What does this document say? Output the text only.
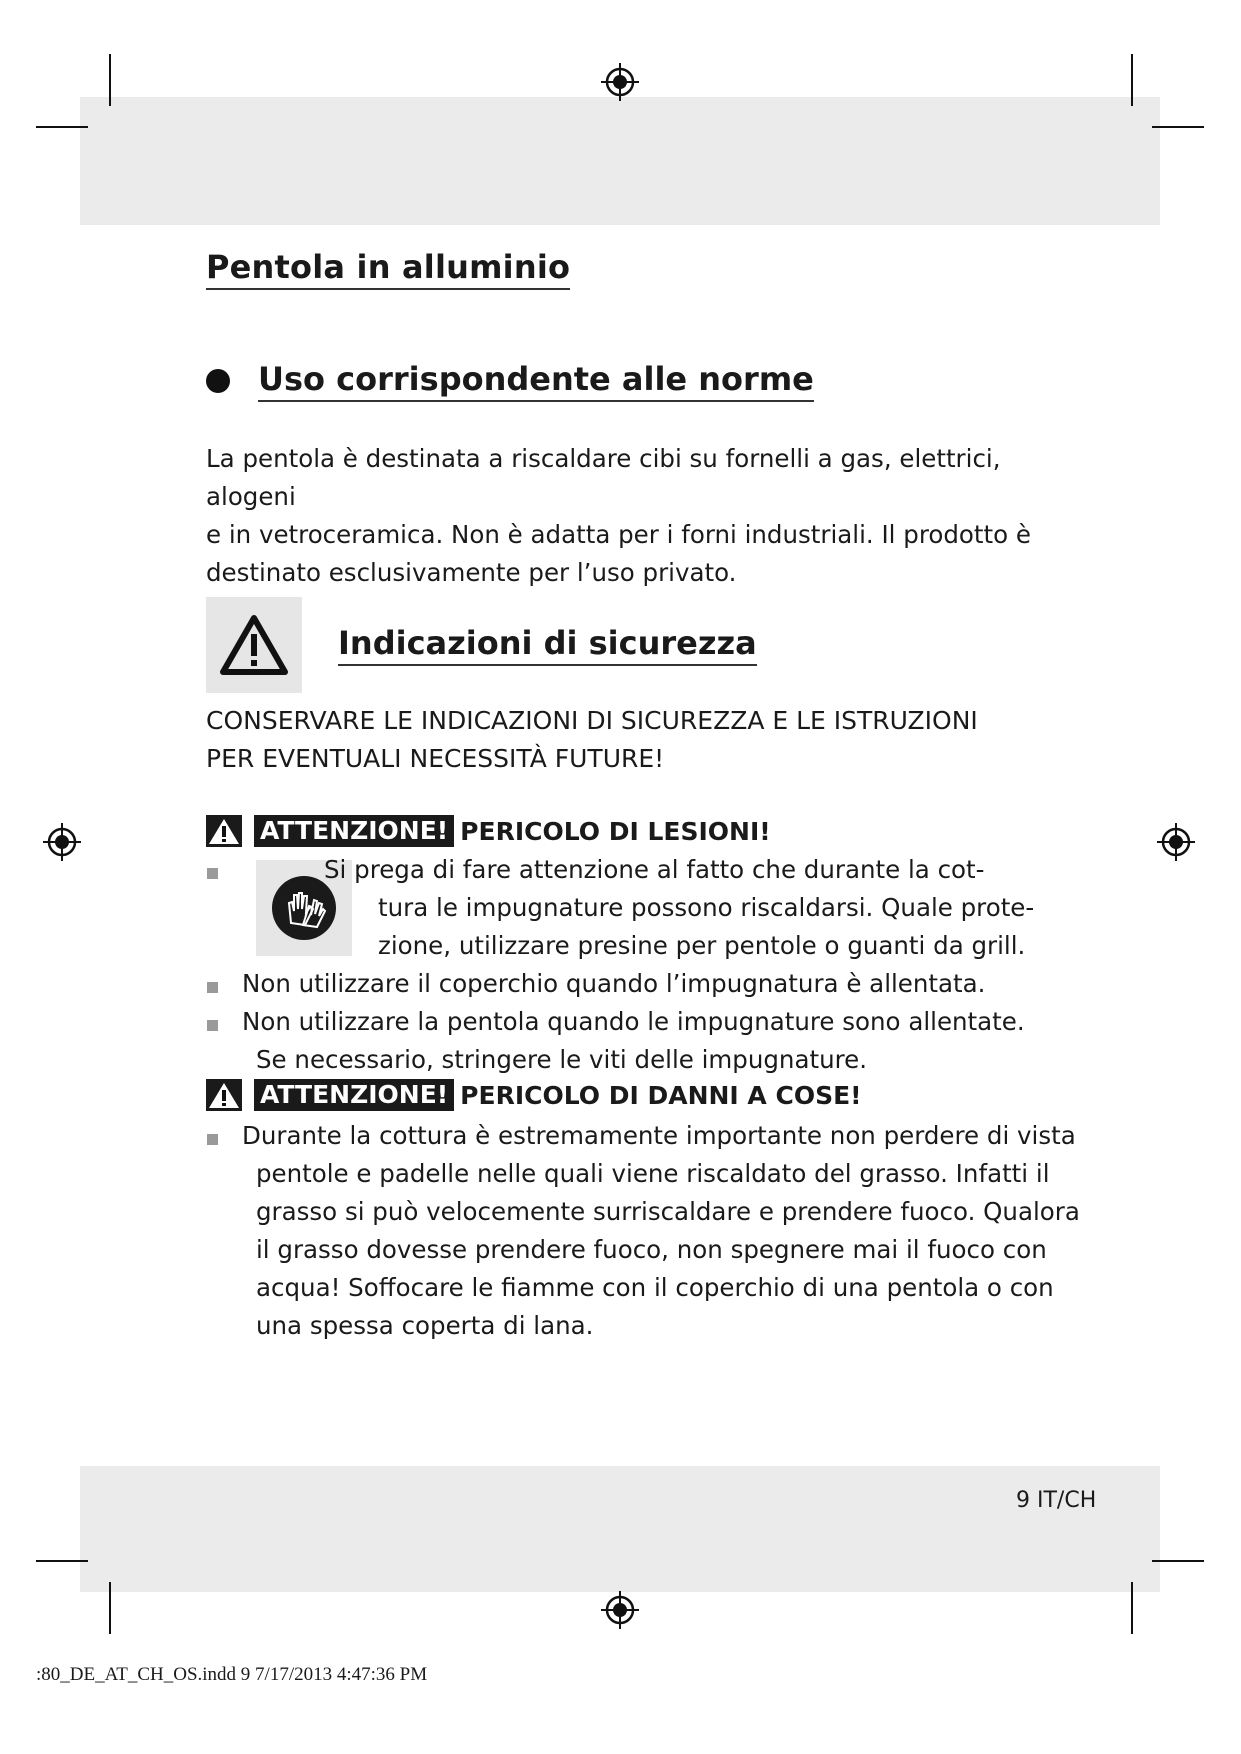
Pentola in alluminio
Uso corrispondente alle norme

La pentola è destinata a riscaldare cibi su fornelli a gas, elettrici, alogeni
e in vetroceramica. Non è adatta per i forni industriali. Il prodotto è
destinato esclusivamente per l’uso privato.

Indicazioni di sicurezza

CONSERVARE LE INDICAZIONI DI SICUREZZA E LE ISTRUZIONI
PER EVENTUALI NECESSITÀ FUTURE!

ATTENZIONE! PERICOLO DI LESIONI!
Si prega di fare attenzione al fatto che durante la cot-
tura le impugnature possono riscaldarsi. Quale prote-
zione, utilizzare presine per pentole o guanti da grill.
Non utilizzare il coperchio quando l’impugnatura è allentata.
Non utilizzare la pentola quando le impugnature sono allentate.
Se necessario, stringere le viti delle impugnature.
ATTENZIONE! PERICOLO DI DANNI A COSE!
Durante la cottura è estremamente importante non perdere di vista
pentole e padelle nelle quali viene riscaldato del grasso. Infatti il
grasso si può velocemente surriscaldare e prendere fuoco. Qualora
il grasso dovesse prendere fuoco, non spegnere mai il fuoco con
acqua! Soffocare le fiamme con il coperchio di una pentola o con
una spessa coperta di lana.
9 IT/CH
:80_DE_AT_CH_OS.indd 9 7/17/2013 4:47:36 PM
